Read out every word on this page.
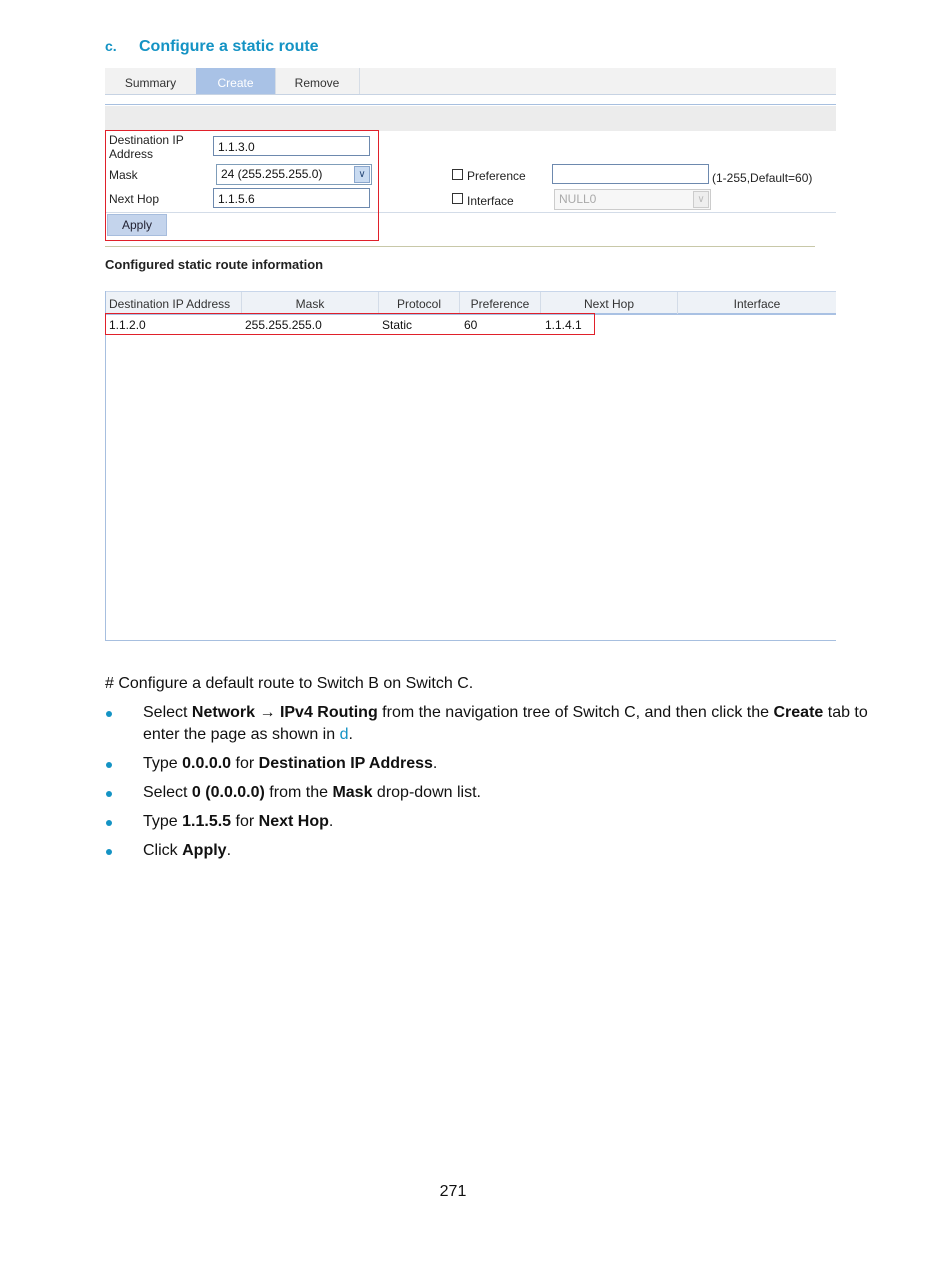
c. Configure a static route
Summary	Create	Remove
Destination IP
Address	1.1.3.0
Mask	24 (255.255.255.0)	∨
Next Hop	1.1.5.6
Preference	(1-255,Default=60)
Interface	NULL0	∨
Apply
Configured static route information
Destination IP Address	Mask	Protocol	Preference	Next Hop	Interface
1.1.2.0	255.255.255.0	Static	60	1.1.4.1
# Configure a default route to Switch B on Switch C.
Select Network → IPv4 Routing from the navigation tree of Switch C, and then click the Create tab to
enter the page as shown in d.
Type 0.0.0.0 for Destination IP Address.
Select 0 (0.0.0.0) from the Mask drop-down list.
Type 1.1.5.5 for Next Hop.
Click Apply.
271
